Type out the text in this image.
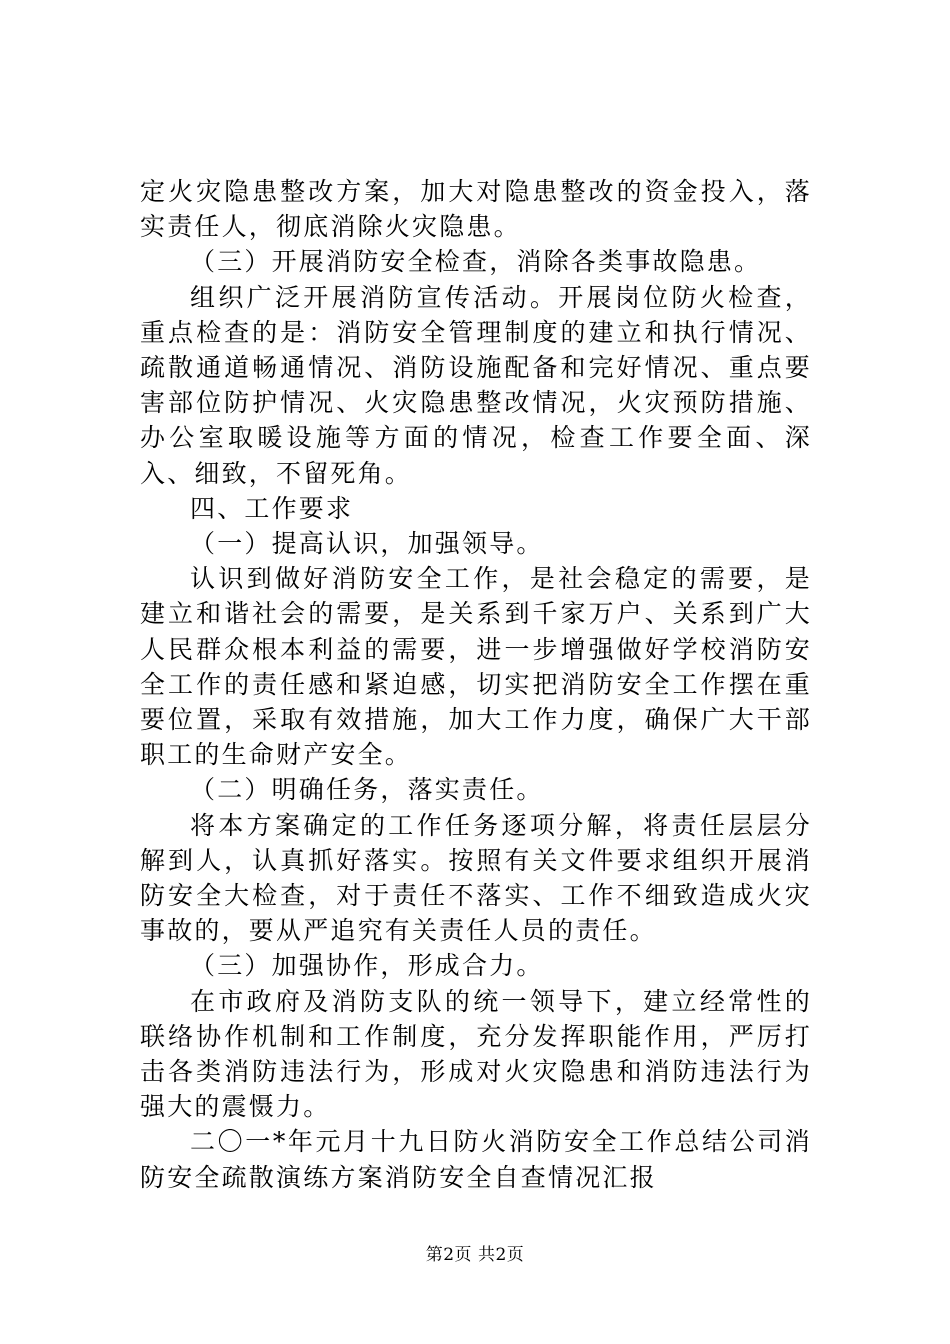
定火灾隐患整改方案，加大对隐患整改的资金投入，落实责任人，彻底消除火灾隐患。

（三）开展消防安全检查，消除各类事故隐患。

组织广泛开展消防宣传活动。开展岗位防火检查，重点检查的是：消防安全管理制度的建立和执行情况、疏散通道畅通情况、消防设施配备和完好情况、重点要害部位防护情况、火灾隐患整改情况，火灾预防措施、办公室取暖设施等方面的情况，检查工作要全面、深入、细致，不留死角。

四、工作要求

（一）提高认识，加强领导。

认识到做好消防安全工作，是社会稳定的需要，是建立和谐社会的需要，是关系到千家万户、关系到广大人民群众根本利益的需要，进一步增强做好学校消防安全工作的责任感和紧迫感，切实把消防安全工作摆在重要位置，采取有效措施，加大工作力度，确保广大干部职工的生命财产安全。

（二）明确任务，落实责任。

将本方案确定的工作任务逐项分解，将责任层层分解到人，认真抓好落实。按照有关文件要求组织开展消防安全大检查，对于责任不落实、工作不细致造成火灾事故的，要从严追究有关责任人员的责任。

（三）加强协作，形成合力。

在市政府及消防支队的统一领导下，建立经常性的联络协作机制和工作制度，充分发挥职能作用，严厉打击各类消防违法行为，形成对火灾隐患和消防违法行为强大的震慑力。

二〇一*年元月十九日防火消防安全工作总结公司消防安全疏散演练方案消防安全自查情况汇报

第2页 共2页
